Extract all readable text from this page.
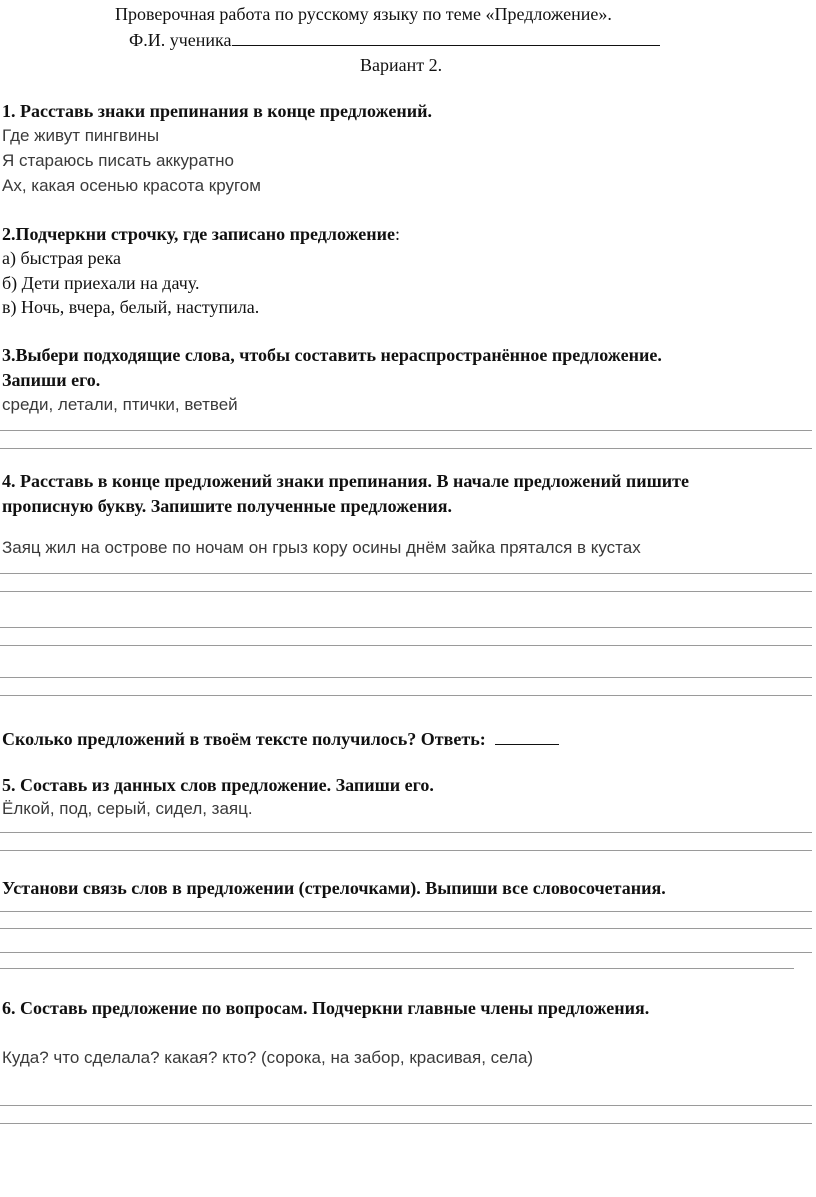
Проверочная работа по русскому языку по теме «Предложение».
Ф.И. ученика
Вариант 2.
1. Расставь знаки препинания в конце предложений.
Где живут пингвины
Я стараюсь писать аккуратно
Ах, какая осенью красота кругом
2.Подчеркни строчку, где записано предложение:
а) быстрая река
б) Дети приехали на дачу.
в) Ночь, вчера, белый, наступила.
3.Выбери подходящие слова, чтобы составить нераспространённое предложение.
Запиши его.
среди, летали, птички, ветвей
4. Расставь в конце предложений знаки препинания. В начале предложений пишите
прописную букву. Запишите полученные предложения.
Заяц жил на острове по ночам он грыз кору осины днём зайка прятался в кустах
Сколько предложений в твоём тексте получилось? Ответь:
5. Составь из данных слов предложение. Запиши его.
Ёлкой, под, серый, сидел, заяц.
Установи связь слов в предложении (стрелочками). Выпиши все словосочетания.
6. Составь предложение по вопросам. Подчеркни главные члены предложения.
Куда? что сделала? какая? кто? (сорока, на забор, красивая, села)
